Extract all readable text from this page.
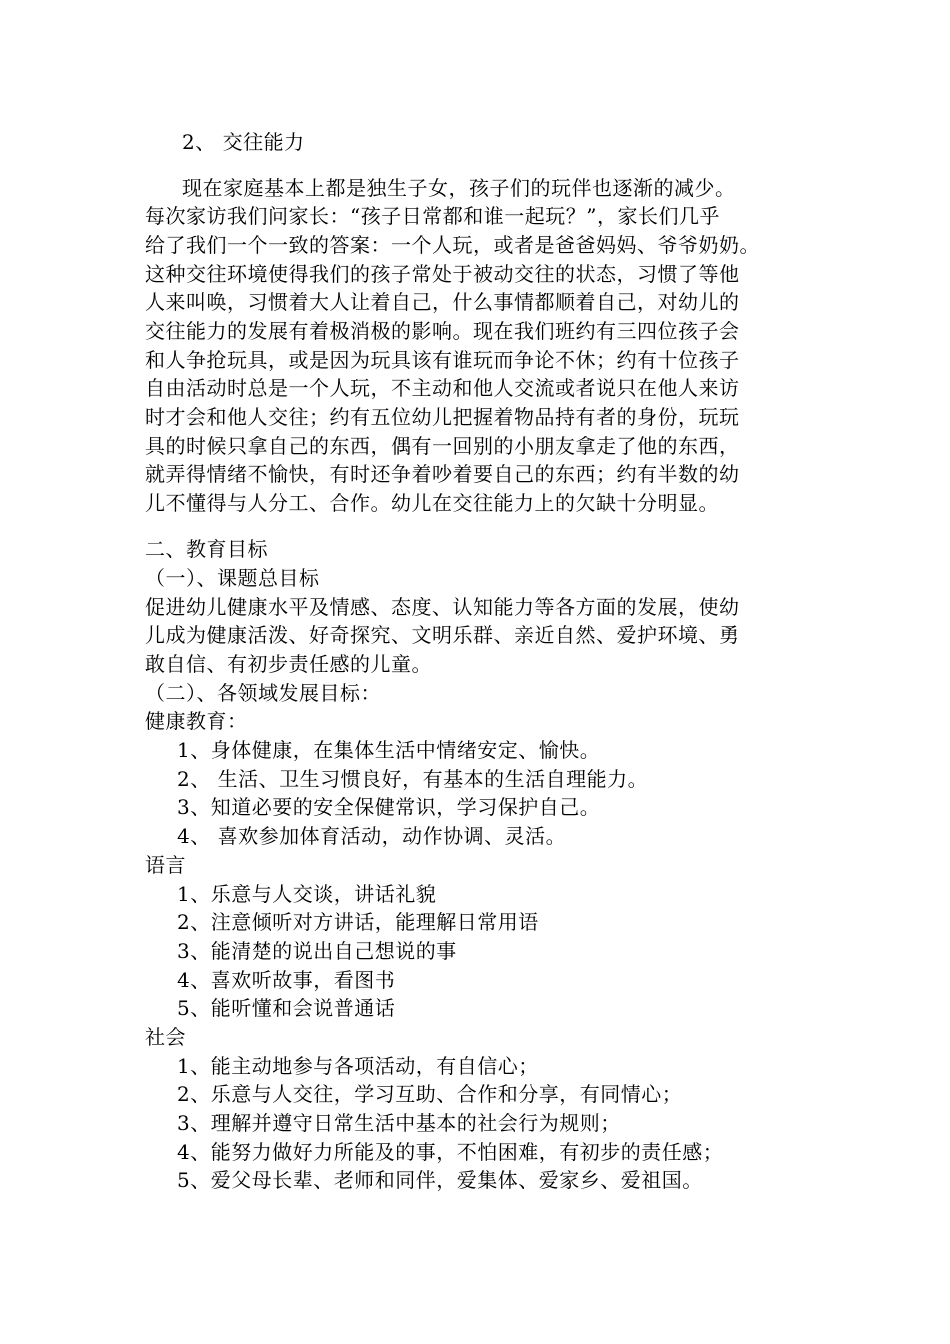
2、 交往能力
现在家庭基本上都是独生子女，孩子们的玩伴也逐渐的减少。
每次家访我们问家长：“孩子日常都和谁一起玩？”，家长们几乎
给了我们一个一致的答案：一个人玩，或者是爸爸妈妈、爷爷奶奶。
这种交往环境使得我们的孩子常处于被动交往的状态，习惯了等他
人来叫唤，习惯着大人让着自己，什么事情都顺着自己，对幼儿的
交往能力的发展有着极消极的影响。现在我们班约有三四位孩子会
和人争抢玩具，或是因为玩具该有谁玩而争论不休；约有十位孩子
自由活动时总是一个人玩，不主动和他人交流或者说只在他人来访
时才会和他人交往；约有五位幼儿把握着物品持有者的身份，玩玩
具的时候只拿自己的东西，偶有一回别的小朋友拿走了他的东西，
就弄得情绪不愉快，有时还争着吵着要自己的东西；约有半数的幼
儿不懂得与人分工、合作。幼儿在交往能力上的欠缺十分明显。
二、教育目标
（一）、课题总目标
促进幼儿健康水平及情感、态度、认知能力等各方面的发展，使幼
儿成为健康活泼、好奇探究、文明乐群、亲近自然、爱护环境、勇
敢自信、有初步责任感的儿童。
（二）、各领域发展目标：
健康教育：
1、身体健康，在集体生活中情绪安定、愉快。
2、 生活、卫生习惯良好，有基本的生活自理能力。
3、知道必要的安全保健常识，学习保护自己。
4、 喜欢参加体育活动，动作协调、灵活。
语言
1、乐意与人交谈，讲话礼貌
2、注意倾听对方讲话，能理解日常用语
3、能清楚的说出自己想说的事
4、喜欢听故事，看图书
5、能听懂和会说普通话
社会
1、能主动地参与各项活动，有自信心；
2、乐意与人交往，学习互助、合作和分享，有同情心；
3、理解并遵守日常生活中基本的社会行为规则；
4、能努力做好力所能及的事，不怕困难，有初步的责任感；
5、爱父母长辈、老师和同伴，爱集体、爱家乡、爱祖国。
